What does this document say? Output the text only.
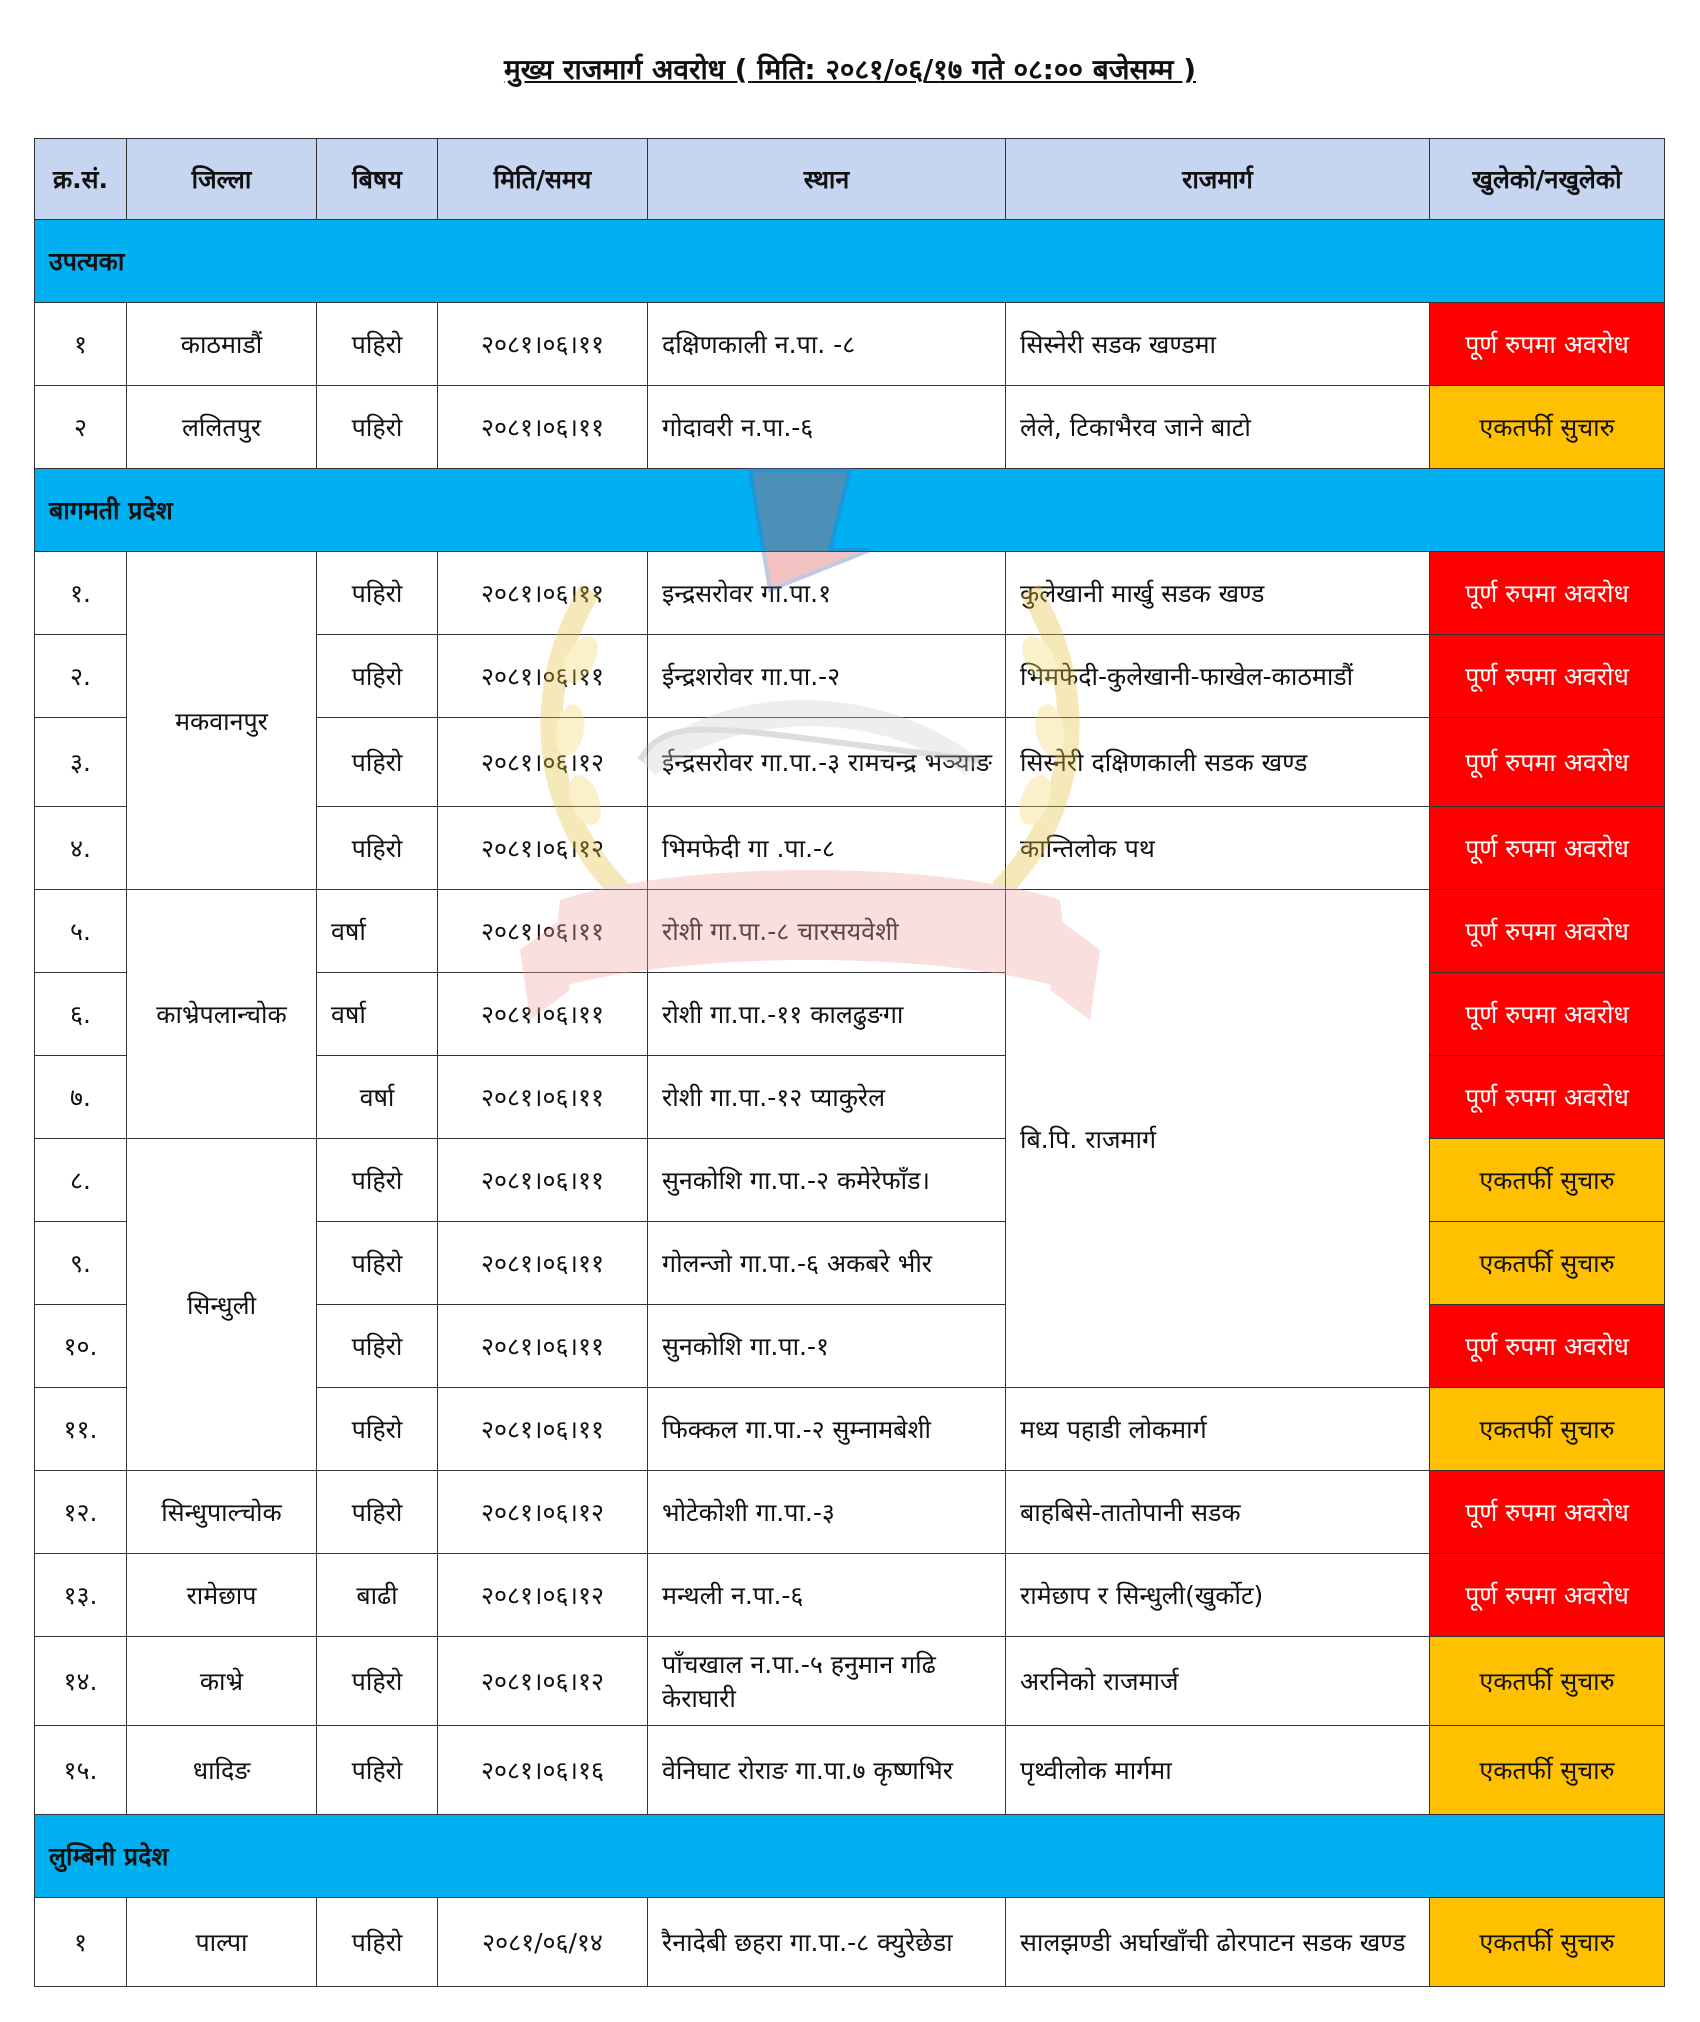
मुख्य राजमार्ग अवरोध ( मिति: २०८१/०६/१७ गते ०८:०० बजेसम्म )
क्र.सं.	जिल्ला	बिषय	मिति/समय	स्थान	राजमार्ग	खुलेको/नखुलेको
उपत्यका						
१	काठमाडौं	पहिरो	२०८१।०६।११	दक्षिणकाली न.पा. -८	सिस्नेरी सडक खण्डमा	पूर्ण रुपमा अवरोध
२	ललितपुर	पहिरो	२०८१।०६।११	गोदावरी न.पा.-६	लेले, टिकाभैरव जाने बाटो	एकतर्फी सुचारु
बागमती प्रदेश						
१.	मकवानपुर	पहिरो	२०८१।०६।११	इन्द्रसरोवर गा.पा.१	कुलेखानी मार्खु सडक खण्ड	पूर्ण रुपमा अवरोध
२.		पहिरो	२०८१।०६।११	ईन्द्रशरोवर गा.पा.-२	भिमफेदी-कुलेखानी-फाखेल-काठमाडौं	पूर्ण रुपमा अवरोध
३.		पहिरो	२०८१।०६।१२	ईन्द्रसरोवर गा.पा.-३ रामचन्द्र भञ्याङ	सिस्नेरी दक्षिणकाली सडक खण्ड	पूर्ण रुपमा अवरोध
४.		पहिरो	२०८१।०६।१२	भिमफेदी गा .पा.-८	कान्तिलोक पथ	पूर्ण रुपमा अवरोध
५.	काभ्रेपलान्चोक	वर्षा	२०८१।०६।११	रोशी गा.पा.-८ चारसयवेशी	बि.पि. राजमार्ग	पूर्ण रुपमा अवरोध
६.		वर्षा	२०८१।०६।११	रोशी गा.पा.-११ कालढुङगा		पूर्ण रुपमा अवरोध
७.		वर्षा	२०८१।०६।११	रोशी गा.पा.-१२ प्याकुरेल		पूर्ण रुपमा अवरोध
८.	सिन्धुली	पहिरो	२०८१।०६।११	सुनकोशि गा.पा.-२ कमेरेफाँड।		एकतर्फी सुचारु
९.		पहिरो	२०८१।०६।११	गोलन्जो गा.पा.-६ अकबरे भीर		एकतर्फी सुचारु
१०.		पहिरो	२०८१।०६।११	सुनकोशि गा.पा.-१		पूर्ण रुपमा अवरोध
११.		पहिरो	२०८१।०६।११	फिक्कल गा.पा.-२ सुम्नामबेशी	मध्य पहाडी लोकमार्ग	एकतर्फी सुचारु
१२.	सिन्धुपाल्चोक	पहिरो	२०८१।०६।१२	भोटेकोशी गा.पा.-३	बाहबिसे-तातोपानी सडक	पूर्ण रुपमा अवरोध
१३.	रामेछाप	बाढी	२०८१।०६।१२	मन्थली न.पा.-६	रामेछाप र सिन्धुली(खुर्कोट)	पूर्ण रुपमा अवरोध
१४.	काभ्रे	पहिरो	२०८१।०६।१२	पाँचखाल न.पा.-५ हनुमान गढि केराघारी	अरनिको राजमार्ज	एकतर्फी सुचारु
१५.	धादिङ	पहिरो	२०८१।०६।१६	वेनिघाट रोराङ गा.पा.७ कृष्णभिर	पृथ्वीलोक मार्गमा	एकतर्फी सुचारु
लुम्बिनी प्रदेश						
१	पाल्पा	पहिरो	२०८१/०६/१४	रैनादेबी छहरा गा.पा.-८ क्युरेछेडा	सालझण्डी अर्घाखाँची ढोरपाटन सडक खण्ड	एकतर्फी सुचारु
